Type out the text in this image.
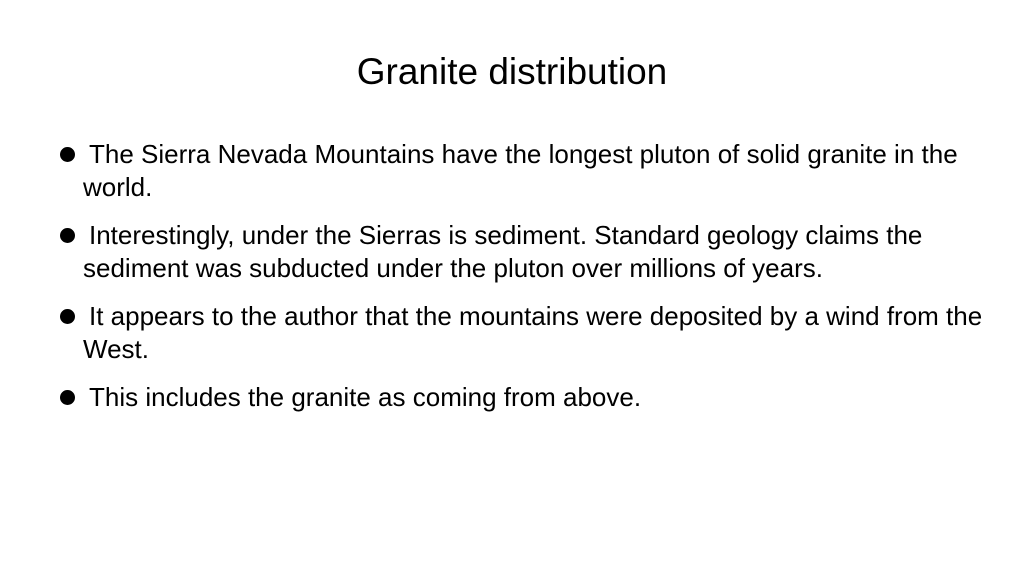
Granite distribution
The Sierra Nevada Mountains have the longest pluton of solid granite in the world.
Interestingly, under the Sierras is sediment. Standard geology claims the sediment was subducted under the pluton over millions of years.
It appears to the author that the mountains were deposited by a wind from the West.
This includes the granite as coming from above.
